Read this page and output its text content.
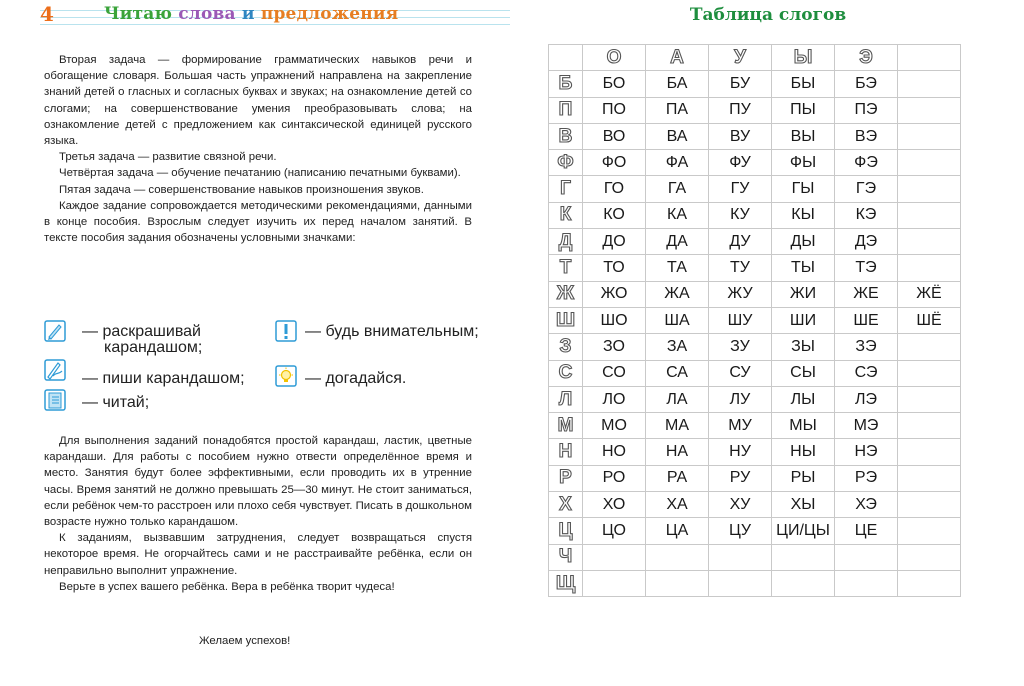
4	Читаю слова и предложения

Вторая задача — формирование грамматических навыков речи и обогащение словаря. Большая часть упражнений направлена на закрепление знаний детей о гласных и согласных буквах и звуках; на ознакомление детей со слогами; на совершенствование умения преобразовывать слова; на ознакомление детей с предложением как синтаксической единицей русского языка.

Третья задача — развитие связной речи.

Четвёртая задача — обучение печатанию (написанию печатными буквами).

Пятая задача — совершенствование навыков произношения звуков.

Каждое задание сопровождается методическими рекомендациями, данными в конце пособия. Взрослым следует изучить их перед началом занятий. В тексте пособия задания обозначены условными значками:

— раскрашивай
карандашом;
— пиши карандашом;
— читай;
— будь внимательным;
— догадайся.

Для выполнения заданий понадобятся простой карандаш, ластик, цветные карандаши. Для работы с пособием нужно отвести определённое время и место. Занятия будут более эффективными, если проводить их в утренние часы. Время занятий не должно превышать 25—30 минут. Не стоит заниматься, если ребёнок чем-то расстроен или плохо себя чувствует. Писать в дошкольном возрасте нужно только карандашом.

К заданиям, вызвавшим затруднения, следует возвращаться спустя некоторое время. Не огорчайтесь сами и не расстраивайте ребёнка, если он неправильно выполнит упражнение.

Верьте в успех вашего ребёнка. Вера в ребёнка творит чудеса!

Желаем успехов!
Таблица слогов
	О	А	У	Ы	Э	
Б	БО	БА	БУ	БЫ	БЭ	
П	ПО	ПА	ПУ	ПЫ	ПЭ	
В	ВО	ВА	ВУ	ВЫ	ВЭ	
Ф	ФО	ФА	ФУ	ФЫ	ФЭ	
Г	ГО	ГА	ГУ	ГЫ	ГЭ	
К	КО	КА	КУ	КЫ	КЭ	
Д	ДО	ДА	ДУ	ДЫ	ДЭ	
Т	ТО	ТА	ТУ	ТЫ	ТЭ	
Ж	ЖО	ЖА	ЖУ	ЖИ	ЖЕ	ЖЁ
Ш	ШО	ША	ШУ	ШИ	ШЕ	ШЁ
З	ЗО	ЗА	ЗУ	ЗЫ	ЗЭ	
С	СО	СА	СУ	СЫ	СЭ	
Л	ЛО	ЛА	ЛУ	ЛЫ	ЛЭ	
М	МО	МА	МУ	МЫ	МЭ	
Н	НО	НА	НУ	НЫ	НЭ	
Р	РО	РА	РУ	РЫ	РЭ	
Х	ХО	ХА	ХУ	ХЫ	ХЭ	
Ц	ЦО	ЦА	ЦУ	ЦИ/ЦЫ	ЦЕ	
Ч						
Щ						
